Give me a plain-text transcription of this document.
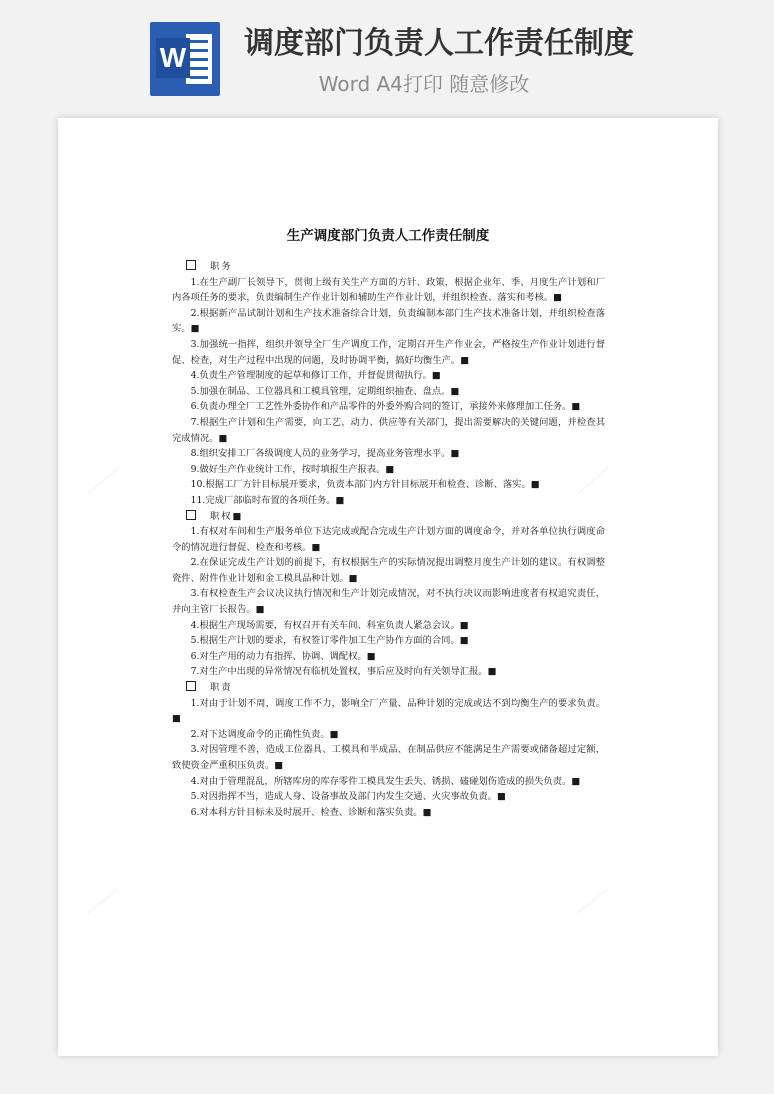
W 调度部门负责人工作责任制度
Word A4打印 随意修改
生产调度部门负责人工作责任制度

职务

1.在生产副厂长领导下，贯彻上级有关生产方面的方针、政策，根据企业年、季、月度生产计划和厂内各项任务的要求，负责编制生产作业计划和辅助生产作业计划，并组织检查、落实和考核。■

2.根据新产品试制计划和生产技术准备综合计划，负责编制本部门生产技术准备计划，并组织检查落实。■

3.加强统一指挥，组织并领导全厂生产调度工作，定期召开生产作业会，严格按生产作业计划进行督促、检查，对生产过程中出现的问题，及时协调平衡，搞好均衡生产。■

4.负责生产管理制度的起草和修订工作，并督促贯彻执行。■

5.加强在制品、工位器具和工模具管理，定期组织抽查、盘点。■

6.负责办理全厂工艺性外委协作和产品零件的外委外购合同的签订，承接外来修理加工任务。■

7.根据生产计划和生产需要，向工艺、动力、供应等有关部门，提出需要解决的关键问题，并检查其完成情况。■

8.组织安排工厂各级调度人员的业务学习，提高业务管理水平。■

9.做好生产作业统计工作，按时填报生产报表。■

10.根据工厂方针目标展开要求，负责本部门内方针目标展开和检查、诊断、落实。■

11.完成厂部临时布置的各项任务。■

职权■

1.有权对车间和生产服务单位下达完成或配合完成生产计划方面的调度命令，并对各单位执行调度命令的情况进行督促、检查和考核。■

2.在保证完成生产计划的前提下，有权根据生产的实际情况提出调整月度生产计划的建议。有权调整瓷件、附件作业计划和金工模具品种计划。■

3.有权检查生产会议决议执行情况和生产计划完成情况，对不执行决议而影响进度者有权追究责任，并向主管厂长报告。■

4.根据生产现场需要，有权召开有关车间、科室负责人紧急会议。■

5.根据生产计划的要求，有权签订零件加工生产协作方面的合同。■

6.对生产用的动力有指挥、协调、调配权。■

7.对生产中出现的异常情况有临机处置权，事后应及时向有关领导汇报。■

职责

1.对由于计划不周，调度工作不力，影响全厂产量、品种计划的完成或达不到均衡生产的要求负责。■

2.对下达调度命令的正确性负责。■

3.对因管理不善，造成工位器具、工模具和半成品、在制品供应不能满足生产需要或储备超过定额，致使资金严重积压负责。■

4.对由于管理混乱，所辖库房的库存零件工模具发生丢失、锈损、磕碰划伤造成的损失负责。■

5.对因指挥不当，造成人身、设备事故及部门内发生交通、火灾事故负责。■

6.对本科方针目标未及时展开、检查、诊断和落实负责。■
